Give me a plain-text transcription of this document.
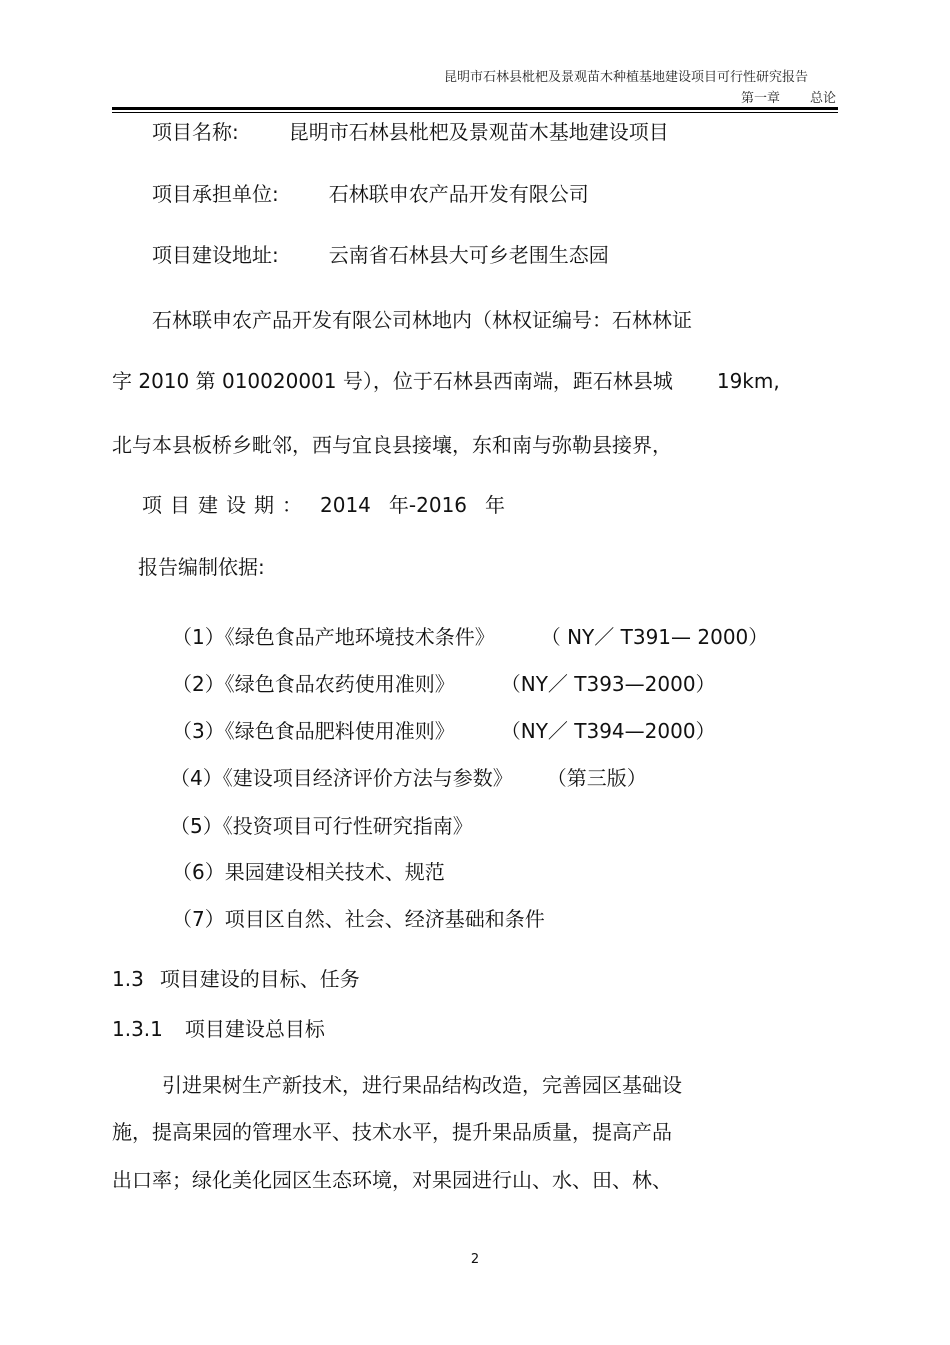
昆明市石林县枇杷及景观苗木种植基地建设项目可行性研究报告
第一章 总论
项目名称:	昆明市石林县枇杷及景观苗木基地建设项目
项目承担单位:	石林联申农产品开发有限公司
项目建设地址:	云南省石林县大可乡老围生态园
石林联申农产品开发有限公司林地内（林权证编号：石林林证
字 2010 第 010020001 号），位于石林县西南端，距石林县城 19km,
北与本县板桥乡毗邻，西与宜良县接壤，东和南与弥勒县接界，
项目建设期： 2014 年-2016 年
报告编制依据:
（1）《绿色食品产地环境技术条件》 （ NY／ T391— 2000）
（2）《绿色食品农药使用准则》 （NY／ T393—2000）
（3）《绿色食品肥料使用准则》 （NY／ T394—2000）
（4）《建设项目经济评价方法与参数》 （第三版）
（5）《投资项目可行性研究指南》
（6）果园建设相关技术、规范
（7）项目区自然、社会、经济基础和条件
1.3 项目建设的目标、任务
1.3.1 项目建设总目标
引进果树生产新技术，进行果品结构改造，完善园区基础设
施，提高果园的管理水平、技术水平，提升果品质量，提高产品
出口率；绿化美化园区生态环境，对果园进行山、水、田、林、
2
